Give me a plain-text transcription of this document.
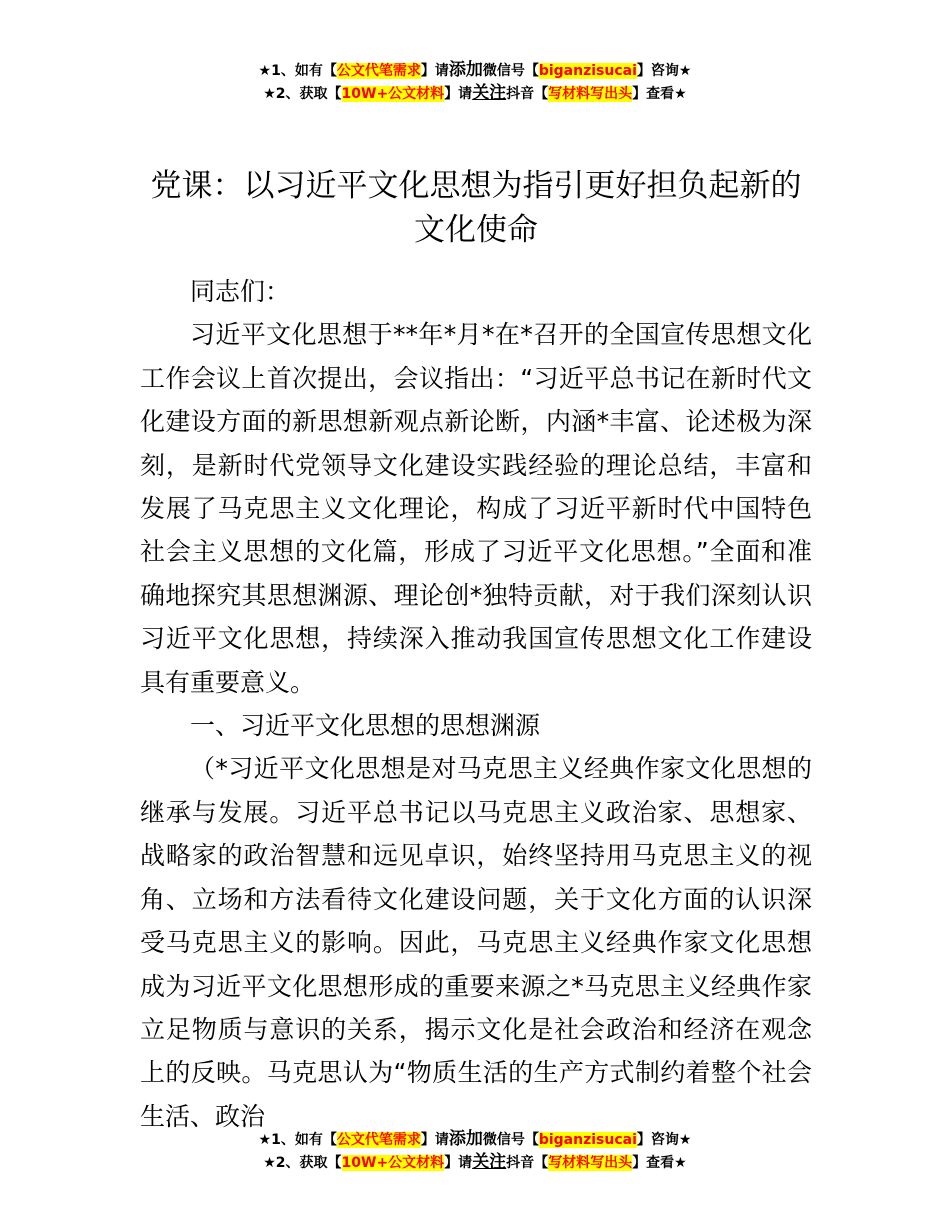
★1、如有【公文代笔需求】请添加微信号【biganzisucai】咨询★
★2、获取【10W+公文材料】请关注抖音【写材料写出头】查看★
党课：以习近平文化思想为指引更好担负起新的文化使命

同志们：

习近平文化思想于**年*月*在*召开的全国宣传思想文化工作会议上首次提出，会议指出：“习近平总书记在新时代文化建设方面的新思想新观点新论断，内涵*丰富、论述极为深刻，是新时代党领导文化建设实践经验的理论总结，丰富和发展了马克思主义文化理论，构成了习近平新时代中国特色社会主义思想的文化篇，形成了习近平文化思想。”全面和准确地探究其思想渊源、理论创*独特贡献，对于我们深刻认识习近平文化思想，持续深入推动我国宣传思想文化工作建设具有重要意义。

一、习近平文化思想的思想渊源

（*习近平文化思想是对马克思主义经典作家文化思想的继承与发展。习近平总书记以马克思主义政治家、思想家、战略家的政治智慧和远见卓识，始终坚持用马克思主义的视角、立场和方法看待文化建设问题，关于文化方面的认识深受马克思主义的影响。因此，马克思主义经典作家文化思想成为习近平文化思想形成的重要来源之*马克思主义经典作家立足物质与意识的关系，揭示文化是社会政治和经济在观念上的反映。马克思认为“物质生活的生产方式制约着整个社会生活、政治

★1、如有【公文代笔需求】请添加微信号【biganzisucai】咨询★
★2、获取【10W+公文材料】请关注抖音【写材料写出头】查看★
